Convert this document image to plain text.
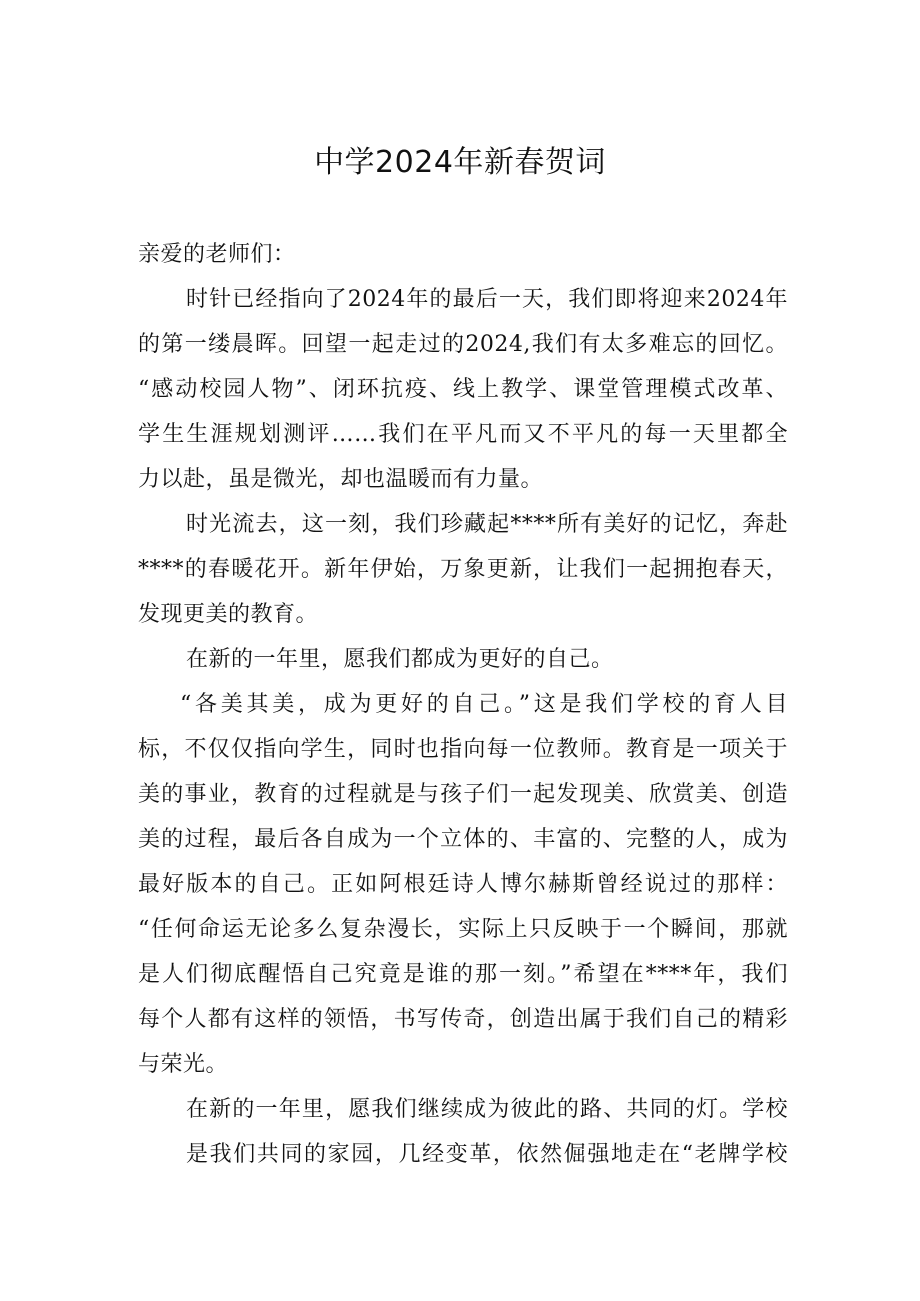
中学2024年新春贺词
亲爱的老师们：
时针已经指向了2024年的最后一天，我们即将迎来2024年
的第一缕晨晖。回望一起走过的2024,我们有太多难忘的回忆。
“感动校园人物”、闭环抗疫、线上教学、课堂管理模式改革、
学生生涯规划测评……我们在平凡而又不平凡的每一天里都全
力以赴，虽是微光，却也温暖而有力量。
时光流去，这一刻，我们珍藏起****所有美好的记忆，奔赴
****的春暖花开。新年伊始，万象更新，让我们一起拥抱春天，
发现更美的教育。
在新的一年里，愿我们都成为更好的自己。
“各美其美，成为更好的自己。”这是我们学校的育人目
标，不仅仅指向学生，同时也指向每一位教师。教育是一项关于
美的事业，教育的过程就是与孩子们一起发现美、欣赏美、创造
美的过程，最后各自成为一个立体的、丰富的、完整的人，成为
最好版本的自己。正如阿根廷诗人博尔赫斯曾经说过的那样：
“任何命运无论多么复杂漫长，实际上只反映于一个瞬间，那就
是人们彻底醒悟自己究竟是谁的那一刻。”希望在****年，我们
每个人都有这样的领悟，书写传奇，创造出属于我们自己的精彩
与荣光。
在新的一年里，愿我们继续成为彼此的路、共同的灯。学校
是我们共同的家园，几经变革，依然倔强地走在“老牌学校
